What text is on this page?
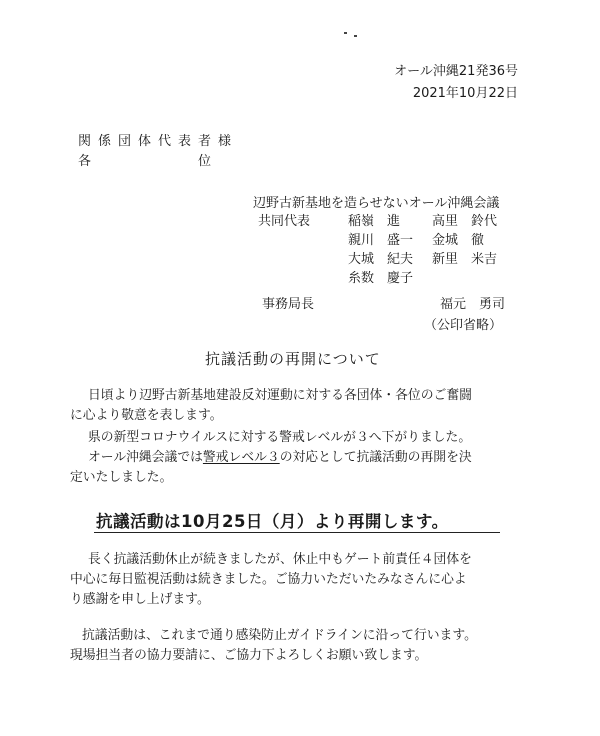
オール沖縄21発36号
2021年10月22日
関係団体代表者様
各	位
辺野古新基地を造らせないオール沖縄会議
共同代表	稲嶺　進 高里　鈴代
親川　盛一 金城　徹
大城　紀夫 新里　米吉
糸数　慶子
事務局長	福元　勇司
（公印省略）
抗議活動の再開について
日頃より辺野古新基地建設反対運動に対する各団体・各位のご奮闘
に心より敬意を表します。
県の新型コロナウイルスに対する警戒レベルが３へ下がりました。
オール沖縄会議では警戒レベル３の対応として抗議活動の再開を決
定いたしました。
抗議活動は10月25日（月）より再開します。
長く抗議活動休止が続きましたが、休止中もゲート前責任４団体を
中心に毎日監視活動は続きました。ご協力いただいたみなさんに心よ
り感謝を申し上げます。
抗議活動は、これまで通り感染防止ガイドラインに沿って行います。
現場担当者の協力要請に、ご協力下よろしくお願い致します。
